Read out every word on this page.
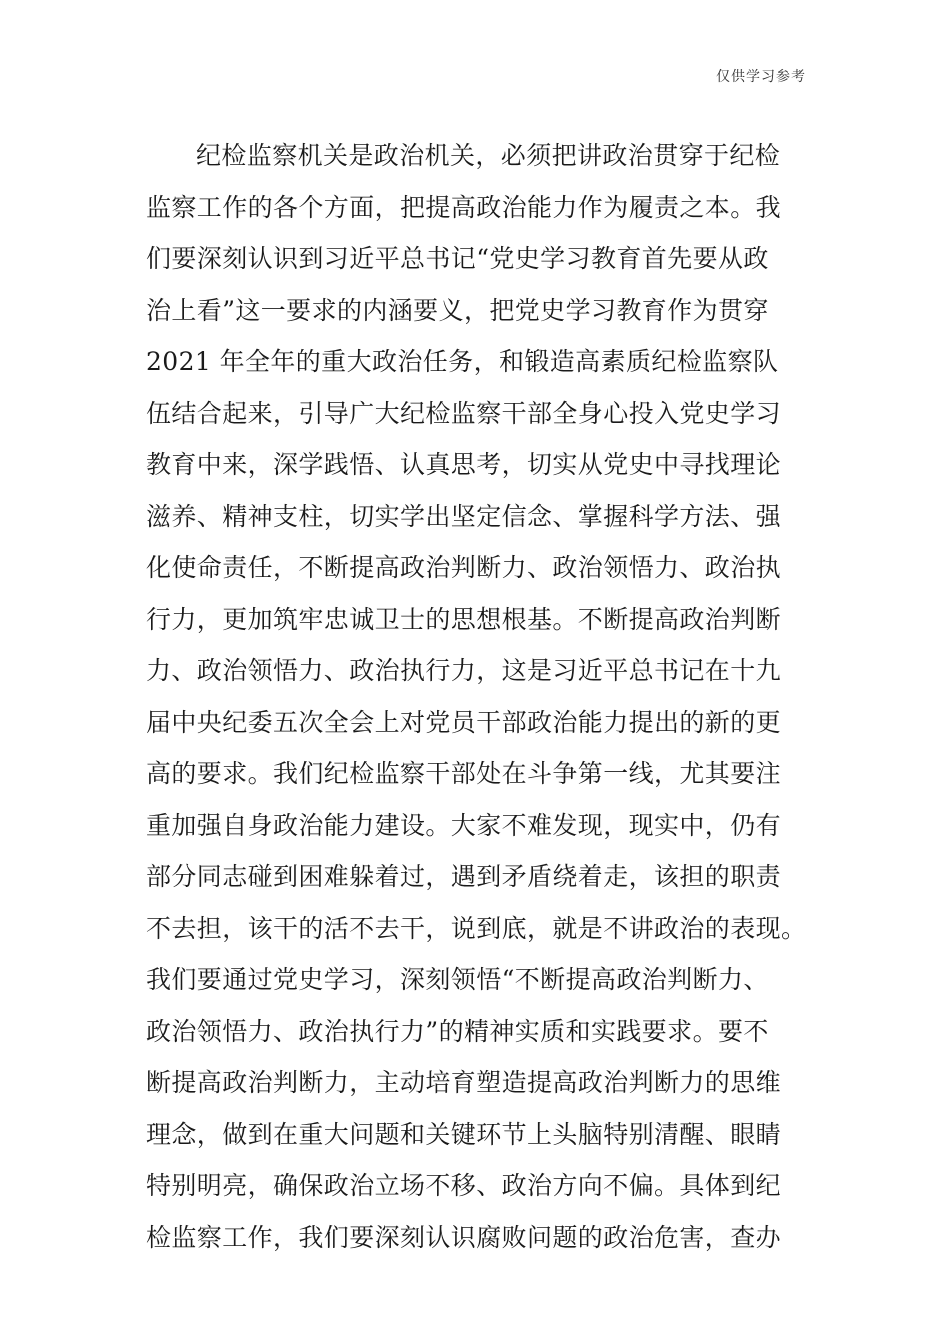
仅供学习参考
纪检监察机关是政治机关，必须把讲政治贯穿于纪检
监察工作的各个方面，把提高政治能力作为履责之本。我
们要深刻认识到习近平总书记“党史学习教育首先要从政
治上看”这一要求的内涵要义，把党史学习教育作为贯穿
2021 年全年的重大政治任务，和锻造高素质纪检监察队
伍结合起来，引导广大纪检监察干部全身心投入党史学习
教育中来，深学践悟、认真思考，切实从党史中寻找理论
滋养、精神支柱，切实学出坚定信念、掌握科学方法、强
化使命责任，不断提高政治判断力、政治领悟力、政治执
行力，更加筑牢忠诚卫士的思想根基。不断提高政治判断
力、政治领悟力、政治执行力，这是习近平总书记在十九
届中央纪委五次全会上对党员干部政治能力提出的新的更
高的要求。我们纪检监察干部处在斗争第一线，尤其要注
重加强自身政治能力建设。大家不难发现，现实中，仍有
部分同志碰到困难躲着过，遇到矛盾绕着走，该担的职责
不去担，该干的活不去干，说到底，就是不讲政治的表现。
我们要通过党史学习，深刻领悟“不断提高政治判断力、
政治领悟力、政治执行力”的精神实质和实践要求。要不
断提高政治判断力，主动培育塑造提高政治判断力的思维
理念，做到在重大问题和关键环节上头脑特别清醒、眼睛
特别明亮，确保政治立场不移、政治方向不偏。具体到纪
检监察工作，我们要深刻认识腐败问题的政治危害，查办
